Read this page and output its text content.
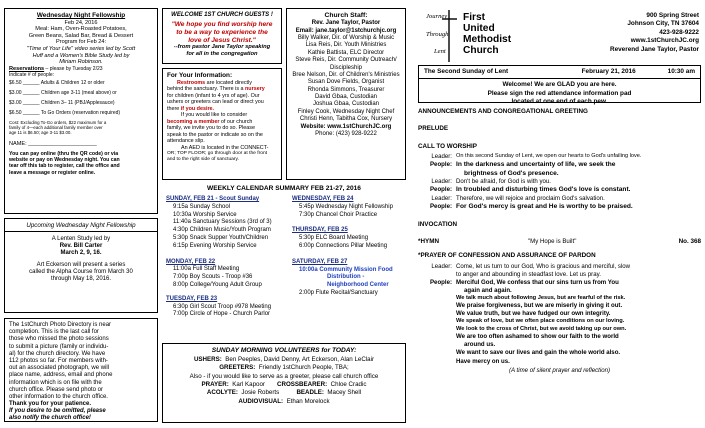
Wednesday Night Fellowship
Feb 24, 2016
Meal: Ham, Oven-Roasted Potatoes,
Green Beans, Salad Bar, Bread & Dessert
Program for Feb 24:
"Time of Your Life" video series led by Scott
Huff and a Women's Bible Study led by
Miriam Robinson.
Reservations – please by Tuesday 2/23
Indicate # of people:
$6.50 ______ Adults & Children 12 or older
$3.00 ______ Children age 3-11 (meal above) or
$3.00 ______ Children 3– 11 (PBJ/Applesauce)
$6.50 ______ To Go Orders (reservation required)
Cost: Excluding To-Go orders, $22 maximum for a
family of 4—each additional family member over
age 11 is $6.50; age 3-11 $3.00.
NAME: ______________________
You can pay online (thru the QR code) or via
website or pay on Wednesday night. You can
tear off this tab to register, call the office and
leave a message or register online.
Upcoming Wednesday Night Fellowship
A Lenten Study led by
Rev. Bill Carter
March 2, 9, 16.
Art Eckerson will present a series
called the Alpha Course from March 30
through May 18, 2016.
The 1stChurch Photo Directory is near
completion. This is the last call for
those who missed the photo sessions
to submit a picture (family or individu-
al) for the church directory. We have
112 photos so far. For members with-
out an associated photograph, we will
place name, address, email and phone
information which is on file with the
church office. Please send photo or
other information to the church office.
Thank you for your patience.
If you desire to be omitted, please
also notify the church office!
WELCOME 1ST CHURCH GUESTS !
"We hope you find worship here
to be a way to experience the
love of Jesus Christ."
--from pastor Jane Taylor speaking
for all in the congregation
For Your Information:
Restrooms are located directly
behind the sanctuary. There is a nursery
for children (infant to 4 yrs of age). Our
ushers or greeters can lead or direct you
there if you desire.
If you would like to consider
becoming a member of our church
family, we invite you to do so. Please
speak to the pastor or indicate so on the
attendance slip.
An AED is located in the CONNECT-
OR; TOP FLOOR; go through door at the front
and to the right side of sanctuary.
Church Staff:
Rev. Jane Taylor, Pastor
Email: jane.taylor@1stchurchjc.org
Billy Walker, Dir. of Worship & Music
Lisa Reis, Dir. Youth Ministries
Kathie Battista, ELC Director
Steve Reis, Dir. Community Outreach/
Discipleship
Bree Nelson, Dir. of Children's Ministries
Susan Dove Fields, Organist
Rhonda Simmons, Treasurer
David Gbaa, Custodian
Joshua Gbaa, Custodian
Finley Cook, Wednesday Night Chef
Christi Henn, Tabitha Cox, Nursery
Website: www.1stChurchJC.org
Phone: (423) 928-9222
WEEKLY CALENDAR SUMMARY FEB 21-27, 2016
SUNDAY, FEB 21 - Scout Sunday
9:15a Sunday School
10:30a Worship Service
11:40a Sanctuary Sessions (3rd of 3)
4:30p Children Music/Youth Program
5:30p Snack Supper Youth/Children
6:15p Evening Worship Service
MONDAY, FEB 22
11:00a Full Staff Meeting
7:00p Boy Scouts - Troop #36
8:00p College/Young Adult Group
TUESDAY, FEB 23
6:30p Girl Scout Troop #978 Meeting
7:00p Circle of Hope - Church Parlor
WEDNESDAY, FEB 24
5:45p Wednesday Night Fellowship
7:30p Chancel Choir Practice
THURSDAY, FEB 25
5:30p ELC Board Meeting
6:00p Connections Pillar Meeting
SATURDAY, FEB 27
10:00a Community Mission Food
Distribution -
Neighborhood Center
2:00p Flute Recital/Sanctuary
SUNDAY MORNING VOLUNTEERS for TODAY:
USHERS: Ben Peeples, David Denny, Art Eckerson, Alan LeClair
GREETERS: Friendly 1stChurch People, TBA;
Also - if you would like to serve as a greeter, please call church office
PRAYER: Karl Kapoor CROSSBEARER: Chloe Cradic
ACOLYTE: Josie Roberts	BEADLE: Macey Shell
AUDIOVISUAL: Ethan Morelock
Journey
Through
Lent
First
United
Methodist
Church
900 Spring Street
Johnson City, TN 37604
423-928-9222
www.1stChurchJC.org
Reverend Jane Taylor, Pastor
The Second Sunday of Lent	February 21, 2016	10:30 am
Welcome! We are GLAD you are here.
Please sign the red attendance information pad
located at one end of each pew.
ANNOUNCEMENTS AND CONGREGATIONAL GREETING
PRELUDE
CALL TO WORSHIP
Leader: On this second Sunday of Lent, we open our hearts to God's unfailing love.
People: In the darkness and uncertainty of life, we seek the
brightness of God's presence.
Leader: Don't be afraid, for God is with you.
People: In troubled and disturbing times God's love is constant.
Leader: Therefore, we will rejoice and proclaim God's salvation.
People: For God's mercy is great and He is worthy to be praised.
INVOCATION
*HYMN	"My Hope is Built"	No. 368
*PRAYER OF CONFESSION AND ASSURANCE OF PARDON
Leader: Come, let us turn to our God, Who is gracious and merciful, slow
to anger and abounding in steadfast love. Let us pray.
People: Merciful God, We confess that our sins turn us from You
again and again.
We talk much about following Jesus, but are fearful of the risk.
We praise forgiveness, but we are miserly in giving it out.
We value truth, but we have fudged our own integrity.
We speak of love, but we often place conditions on our loving.
We look to the cross of Christ, but we avoid taking up our own.
We are too often ashamed to show our faith to the world
around us.
We want to save our lives and gain the whole world also.
Have mercy on us.
(A time of silent prayer and reflection)
